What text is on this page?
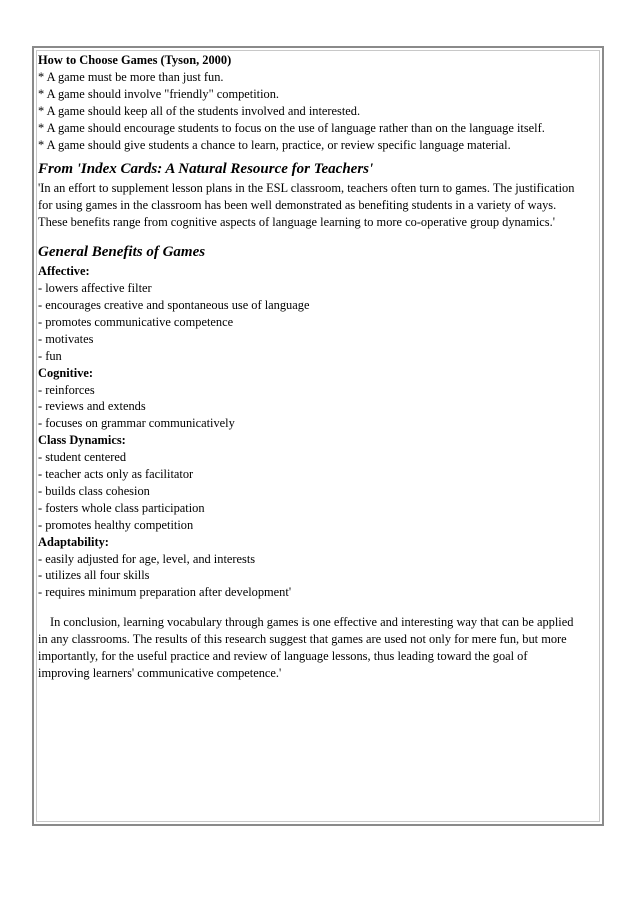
How to Choose Games (Tyson, 2000)
* A game must be more than just fun.
* A game should involve "friendly" competition.
* A game should keep all of the students involved and interested.
* A game should encourage students to focus on the use of language rather than on the language itself.
* A game should give students a chance to learn, practice, or review specific language material.
From 'Index Cards: A Natural Resource for Teachers'
'In an effort to supplement lesson plans in the ESL classroom, teachers often turn to games. The justification
for using games in the classroom has been well demonstrated as benefiting students in a variety of ways.
These benefits range from cognitive aspects of language learning to more co-operative group dynamics.'
General Benefits of Games
Affective:
- lowers affective filter
- encourages creative and spontaneous use of language
- promotes communicative competence
- motivates
- fun
Cognitive:
- reinforces
- reviews and extends
- focuses on grammar communicatively
Class Dynamics:
- student centered
- teacher acts only as facilitator
- builds class cohesion
- fosters whole class participation
- promotes healthy competition
Adaptability:
- easily adjusted for age, level, and interests
- utilizes all four skills
- requires minimum preparation after development'
In conclusion, learning vocabulary through games is one effective and interesting way that can be applied
in any classrooms. The results of this research suggest that games are used not only for mere fun, but more
importantly, for the useful practice and review of language lessons, thus leading toward the goal of
improving learners' communicative competence.'
